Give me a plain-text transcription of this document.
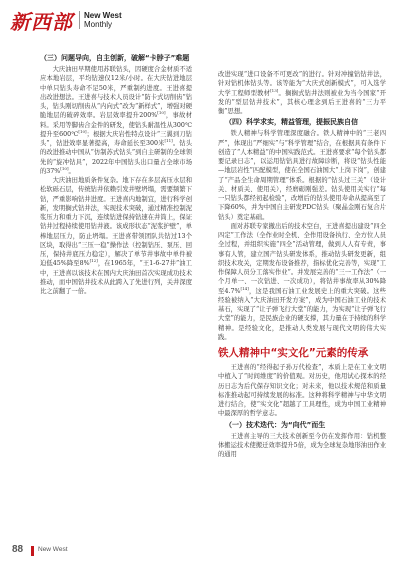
新西部 New West
Monthly
（三）问题导向，自主创新，破解“卡脖子”难题

大庆油田早期使用苏联钻头，因硬度合金材质不适应本地岩层，平均钻速仅12米/小时。在大庆钻进地层中单只钻头寿命不足50米，严重制约进度。王进喜提出改进想法。王进喜与技术人员设计“防卡式切削齿”钻头，钻头刚切削齿从“内向式”改为“新样式”，增强对硬脆地层的破碎效率。岩层效率提升200%[10]，事故材料。采用等脚齿合金件的研发，使钻头耐温性从300℃提升至600℃[10]；根据大庆岩性特点设计“三翼到刀钻头”，钻进效率显著提高，寿命延长至300米[11]。钻头的改进推动中国从“仿制苏式钻头”到自主研制的全球领先的“旋冲钻具”，2022年中国钻头出口量占全球市场的37%[10]。

大庆油田地质条件复杂。地下存在多层高压水层和松软砾石层，传统钻井依赖引发井壁坍塌，需要频繁下钻，严重影响钻井进度。王进喜内地制宜，进行科学创新，发明搁式钻井法，实现技术突破，通过精准控制泥浆压力和重力下沉，连续钻进保持钻速在井筒上，保证钻井过程持续使用钻井液。该成形状态“泥浆护壁”，单棒地层压力，防止坍塌。王进喜带领团队共钻过13个区块，取得出“三压一稳”操作法（控制钻压、泵压、回压，保持井底压力稳定），解决了单节井事故中单件被迫低45%降至8%[12]，在1965年，“王1-6-27井”油工中，王进喜以该技术在国内大庆油田首次实现成功技术推动，而中国钻井技术从此跨入了先进行列，关井深度比之前翻了一倍。

改进实现“进口设备不可更改”的进行。针对冲撞钻钻井法，针对钻机体钻头等。该等能为“大庆式创新模式”，可入选学大学工程师型教材[13]。搁搁式钻井法则被业为当今国家“开发的”型层钻井技术”，其核心理念到后王进喜的“三力平衡”思想。

（四）科学求实，精益管理，提振民族自信

铁人精神与科学管理深度融合。铁人精神中的“三老四严”，体现出“严细实”与“科学管理”结合，在根据具有条件下创造了“人本精益”的中国实践范式。王进喜要求“每个钻头都要记录日志”，以运用钻钻具进行故障诊断，将设“钻头性能—地层岩性”匹配模型，使在全国石油国大“上岗下岗”，创建了“产品全生命周期管理”体系。根据的“钻头过三关”（设计关、材质关、使用关），经磨砺刚强差。钻头使用关实行“每一只钻头都经初起检验”，改增后的钻头使用寿命从提高至了下降60%，并为中国自主研发PDC钻头（聚晶金刚石复合片钻头）奠定基础。

面对苏联专家撤出后的技术空白，王进喜提出建设“四全四定”工作法（全作业时全机、全作用设备执行、全方位人员全过程，并组织实施“四全”活动管理，做到人人有专责，事事有人管，建立国产钻头研发体系，推动钻头研发更新，组织技术攻关，定期发布设备推荐，指标优化完善等，实现“工作保障人员分工落实作业”。并发展完善的“三一工作法”（一个月单一、一次钻进、一次成功），将钻井事故率从30%降至4.7%[14]，这是我国石油工业发展史上的重大突破。这些经验被纳入“大庆油田开发方案”，成为中国石油工业的技术基石，实现了“让子弹飞行大堂”的能力，为实现“让子弹飞行大堂”的能力，是民族企业的硬支撑，其力量在于持续的科学精神。是经验文化，是推动人类发展与现代文明的伟大实践。

铁人精神中“实文化”元素的传承

王进喜的“经得起子孙万代检查”，本质上是在工业文明中植入了“时间维度”的价值观。对历史，他用试心探本的经历日志为后代保存知识文化；对未来，他以技术规范和质量标准推动起可持续发展的标准。这种将科学精神与中华文明进行结合，使“实文化”超越了工具理性，成为中国工业精神中最深厚的哲学意志。

（一）技术迭代：为“向代”而生

王进喜主导的三大技术创新至今仍在发挥作用：钻机整体搬运技术使搬迁效率提升5倍，成为全球复杂地形油田作业的通用

88 New West
